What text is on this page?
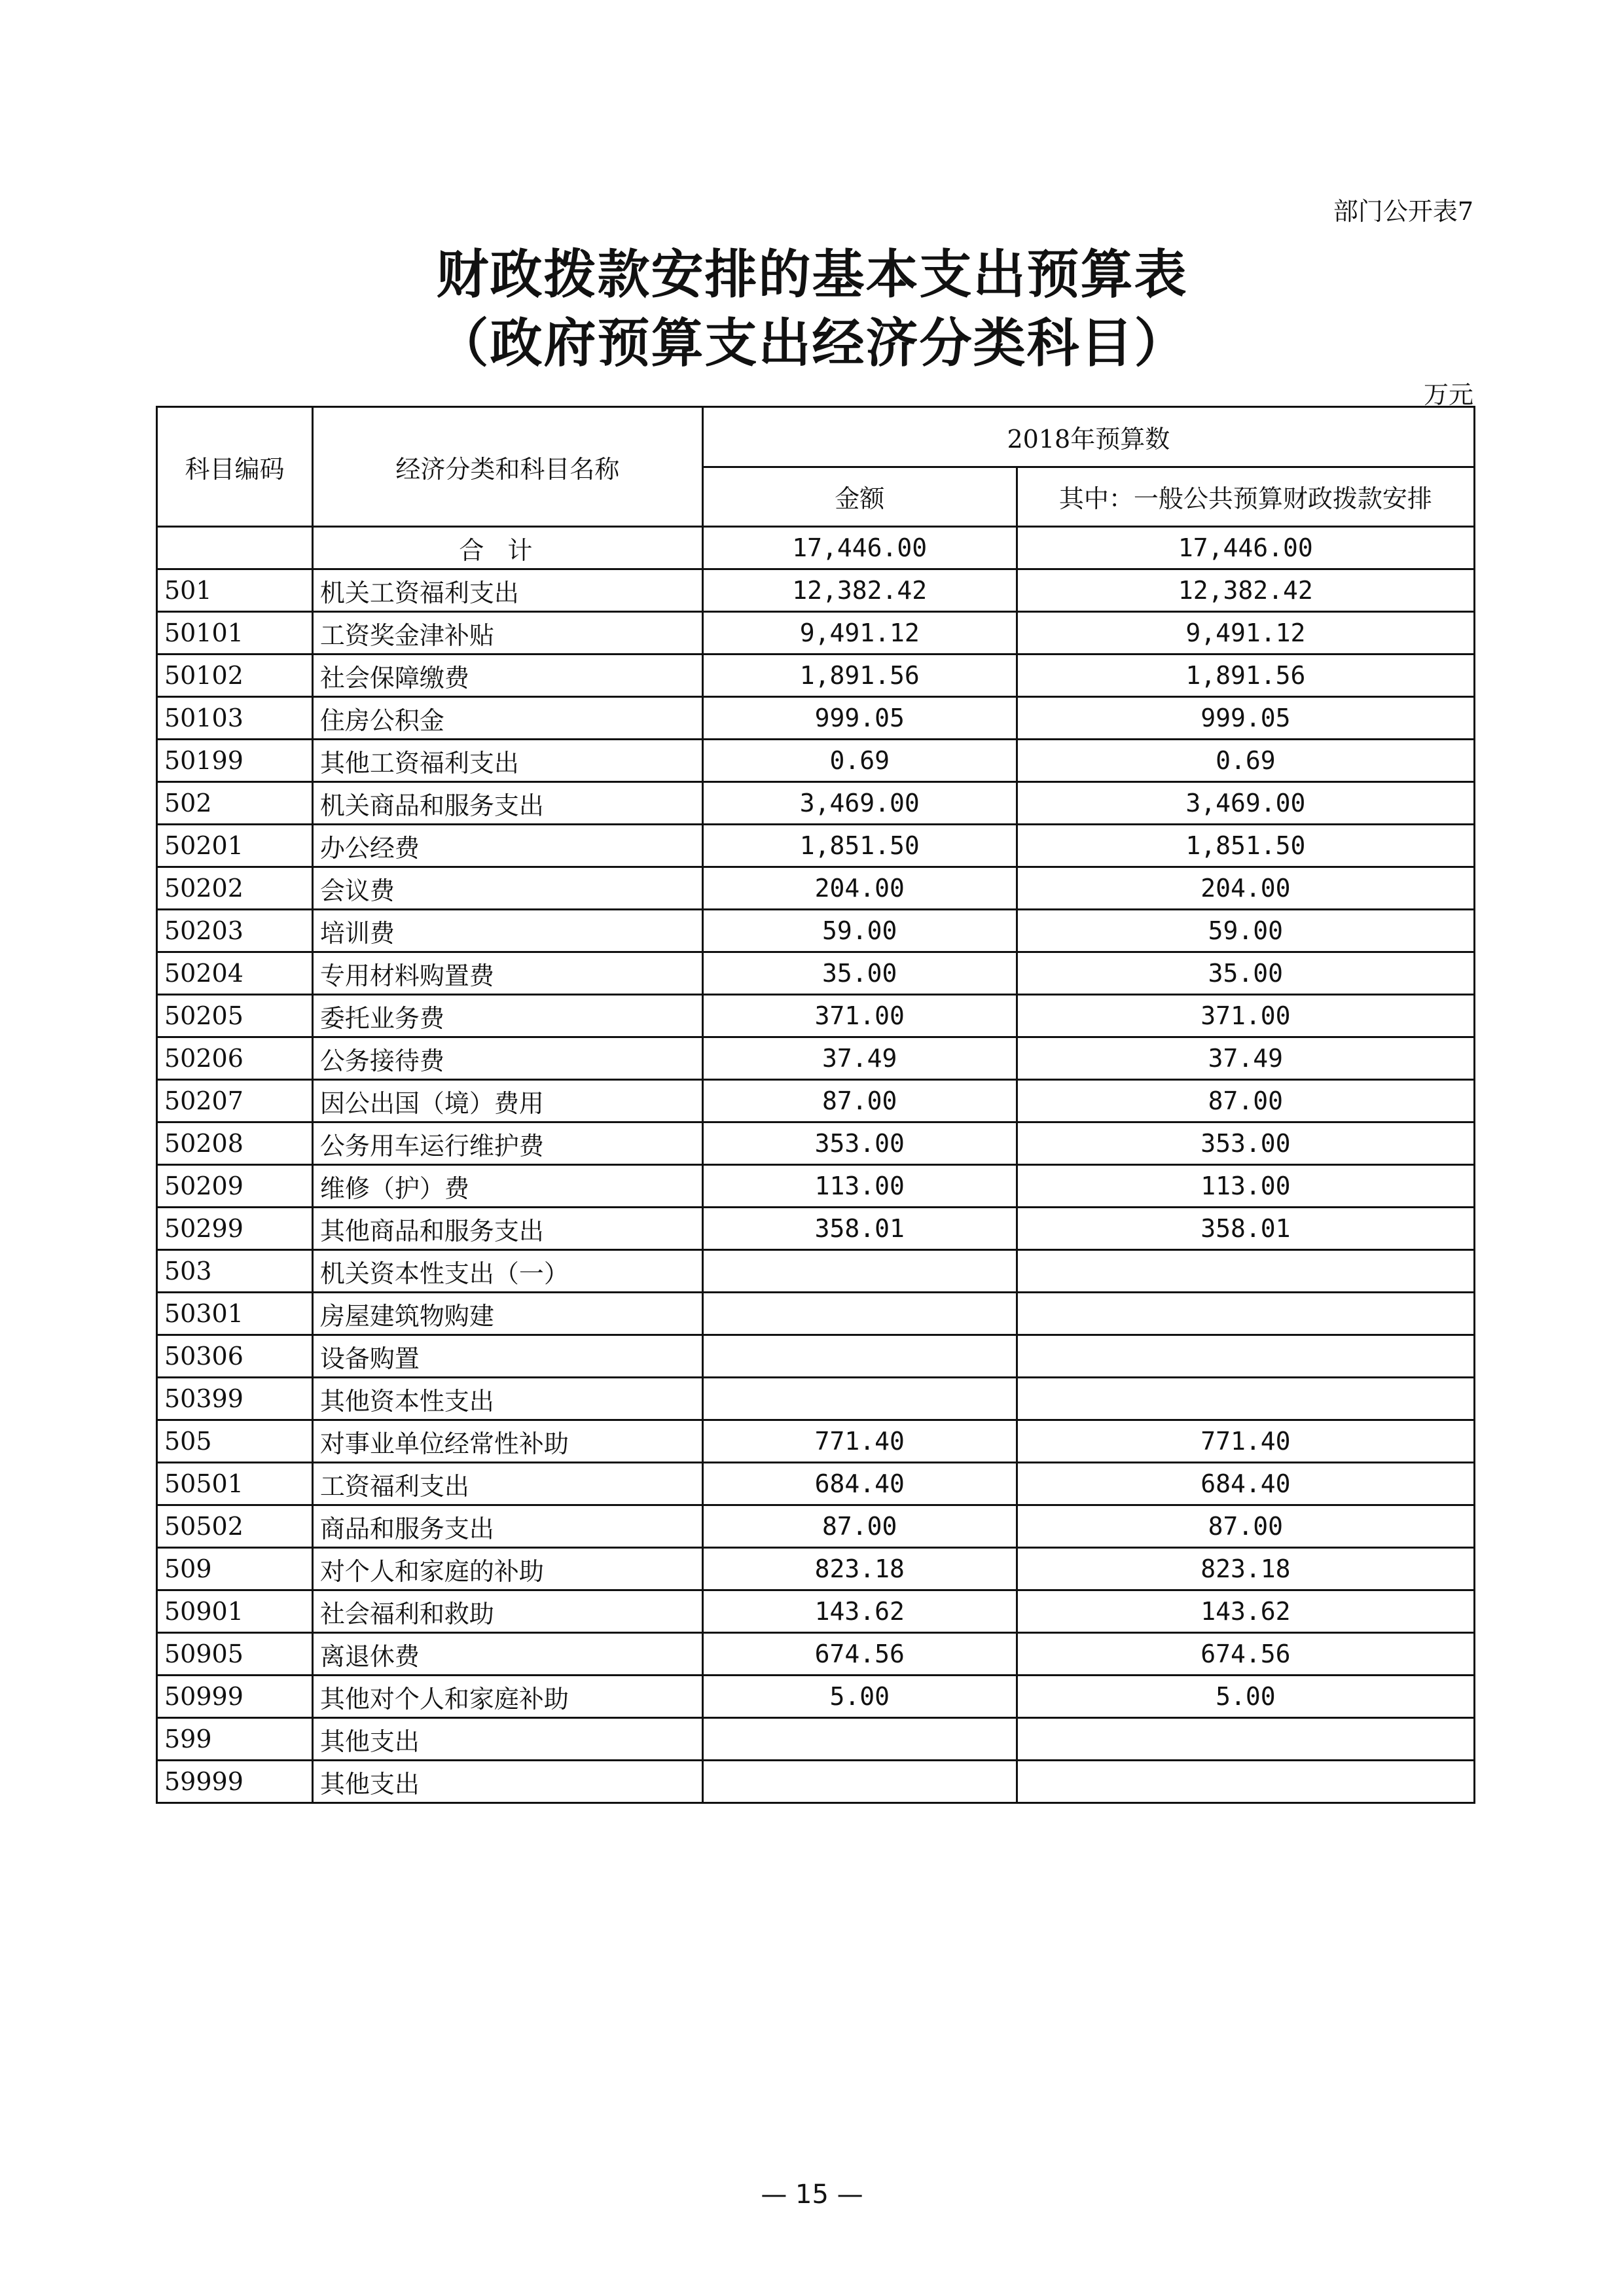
部门公开表7
财政拨款安排的基本支出预算表
（政府预算支出经济分类科目）
万元
科目编码	经济分类和科目名称	2018年预算数	
		金额	其中：一般公共预算财政拨款安排
	合计	17,446.00	17,446.00
501	机关工资福利支出	12,382.42	12,382.42
50101	工资奖金津补贴	9,491.12	9,491.12
50102	社会保障缴费	1,891.56	1,891.56
50103	住房公积金	999.05	999.05
50199	其他工资福利支出	0.69	0.69
502	机关商品和服务支出	3,469.00	3,469.00
50201	办公经费	1,851.50	1,851.50
50202	会议费	204.00	204.00
50203	培训费	59.00	59.00
50204	专用材料购置费	35.00	35.00
50205	委托业务费	371.00	371.00
50206	公务接待费	37.49	37.49
50207	因公出国（境）费用	87.00	87.00
50208	公务用车运行维护费	353.00	353.00
50209	维修（护）费	113.00	113.00
50299	其他商品和服务支出	358.01	358.01
503	机关资本性支出（一）		
50301	房屋建筑物购建		
50306	设备购置		
50399	其他资本性支出		
505	对事业单位经常性补助	771.40	771.40
50501	工资福利支出	684.40	684.40
50502	商品和服务支出	87.00	87.00
509	对个人和家庭的补助	823.18	823.18
50901	社会福利和救助	143.62	143.62
50905	离退休费	674.56	674.56
50999	其他对个人和家庭补助	5.00	5.00
599	其他支出		
59999	其他支出		
— 15 —
